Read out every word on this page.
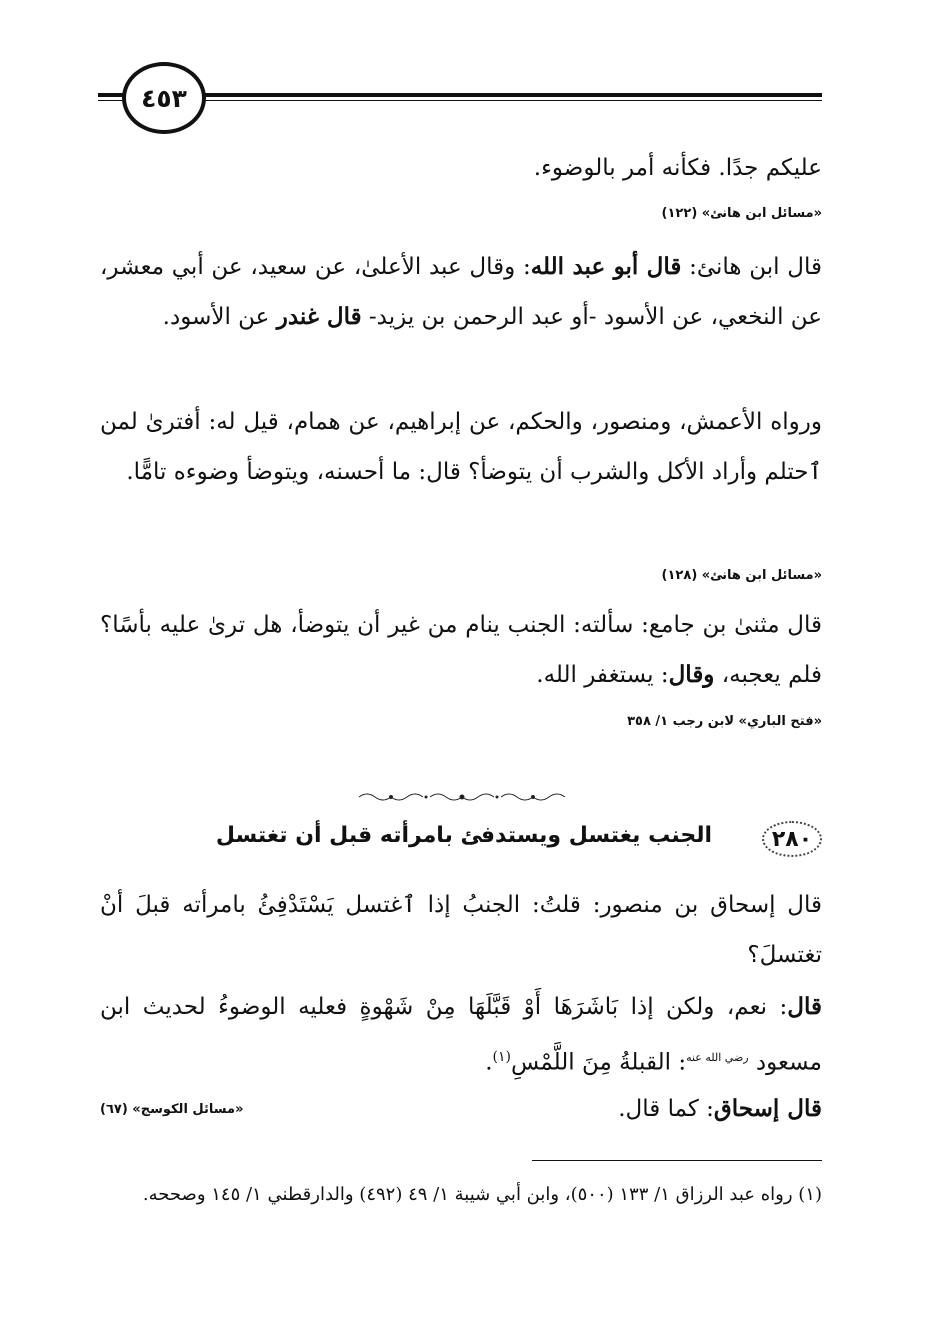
٤٥٣
عليكم جدًا. فكأنه أمر بالوضوء.
«مسائل ابن هانئ» (١٢٢)
قال ابن هانئ: قال أبو عبد الله: وقال عبد الأعلىٰ، عن سعيد، عن أبي معشر، عن النخعي، عن الأسود -أو عبد الرحمن بن يزيد- قال غندر عن الأسود.
ورواه الأعمش، ومنصور، والحكم، عن إبراهيم، عن همام، قيل له: أفترىٰ لمن ٱحتلم وأراد الأكل والشرب أن يتوضأ؟ قال: ما أحسنه، ويتوضأ وضوءه تامًّا.
«مسائل ابن هانئ» (١٢٨)
قال مثنىٰ بن جامع: سألته: الجنب ينام من غير أن يتوضأ، هل ترىٰ عليه بأسًا؟ فلم يعجبه، وقال: يستغفر الله.
«فتح الباري» لابن رجب ١/ ٣٥٨
٢٨٠
الجنب يغتسل ويستدفئ بامرأته قبل أن تغتسل
قال إسحاق بن منصور: قلتُ: الجنبُ إذا ٱغتسل يَسْتَدْفِئُ بامرأته قبلَ أنْ تغتسلَ؟
قال: نعم، ولكن إذا بَاشَرَهَا أَوْ قَبَّلَهَا مِنْ شَهْوةٍ فعليه الوضوءُ لحديث ابن مسعود $^{رضي الله عنه}$: القبلةُ مِنَ اللَّمْسِ$^{(١)}$.
قال إسحاق: كما قال.
«مسائل الكوسج» (٦٧)
(١) رواه عبد الرزاق ١/ ١٣٣ (٥٠٠)، وابن أبي شيبة ١/ ٤٩ (٤٩٢) والدارقطني ١/ ١٤٥ وصححه.
